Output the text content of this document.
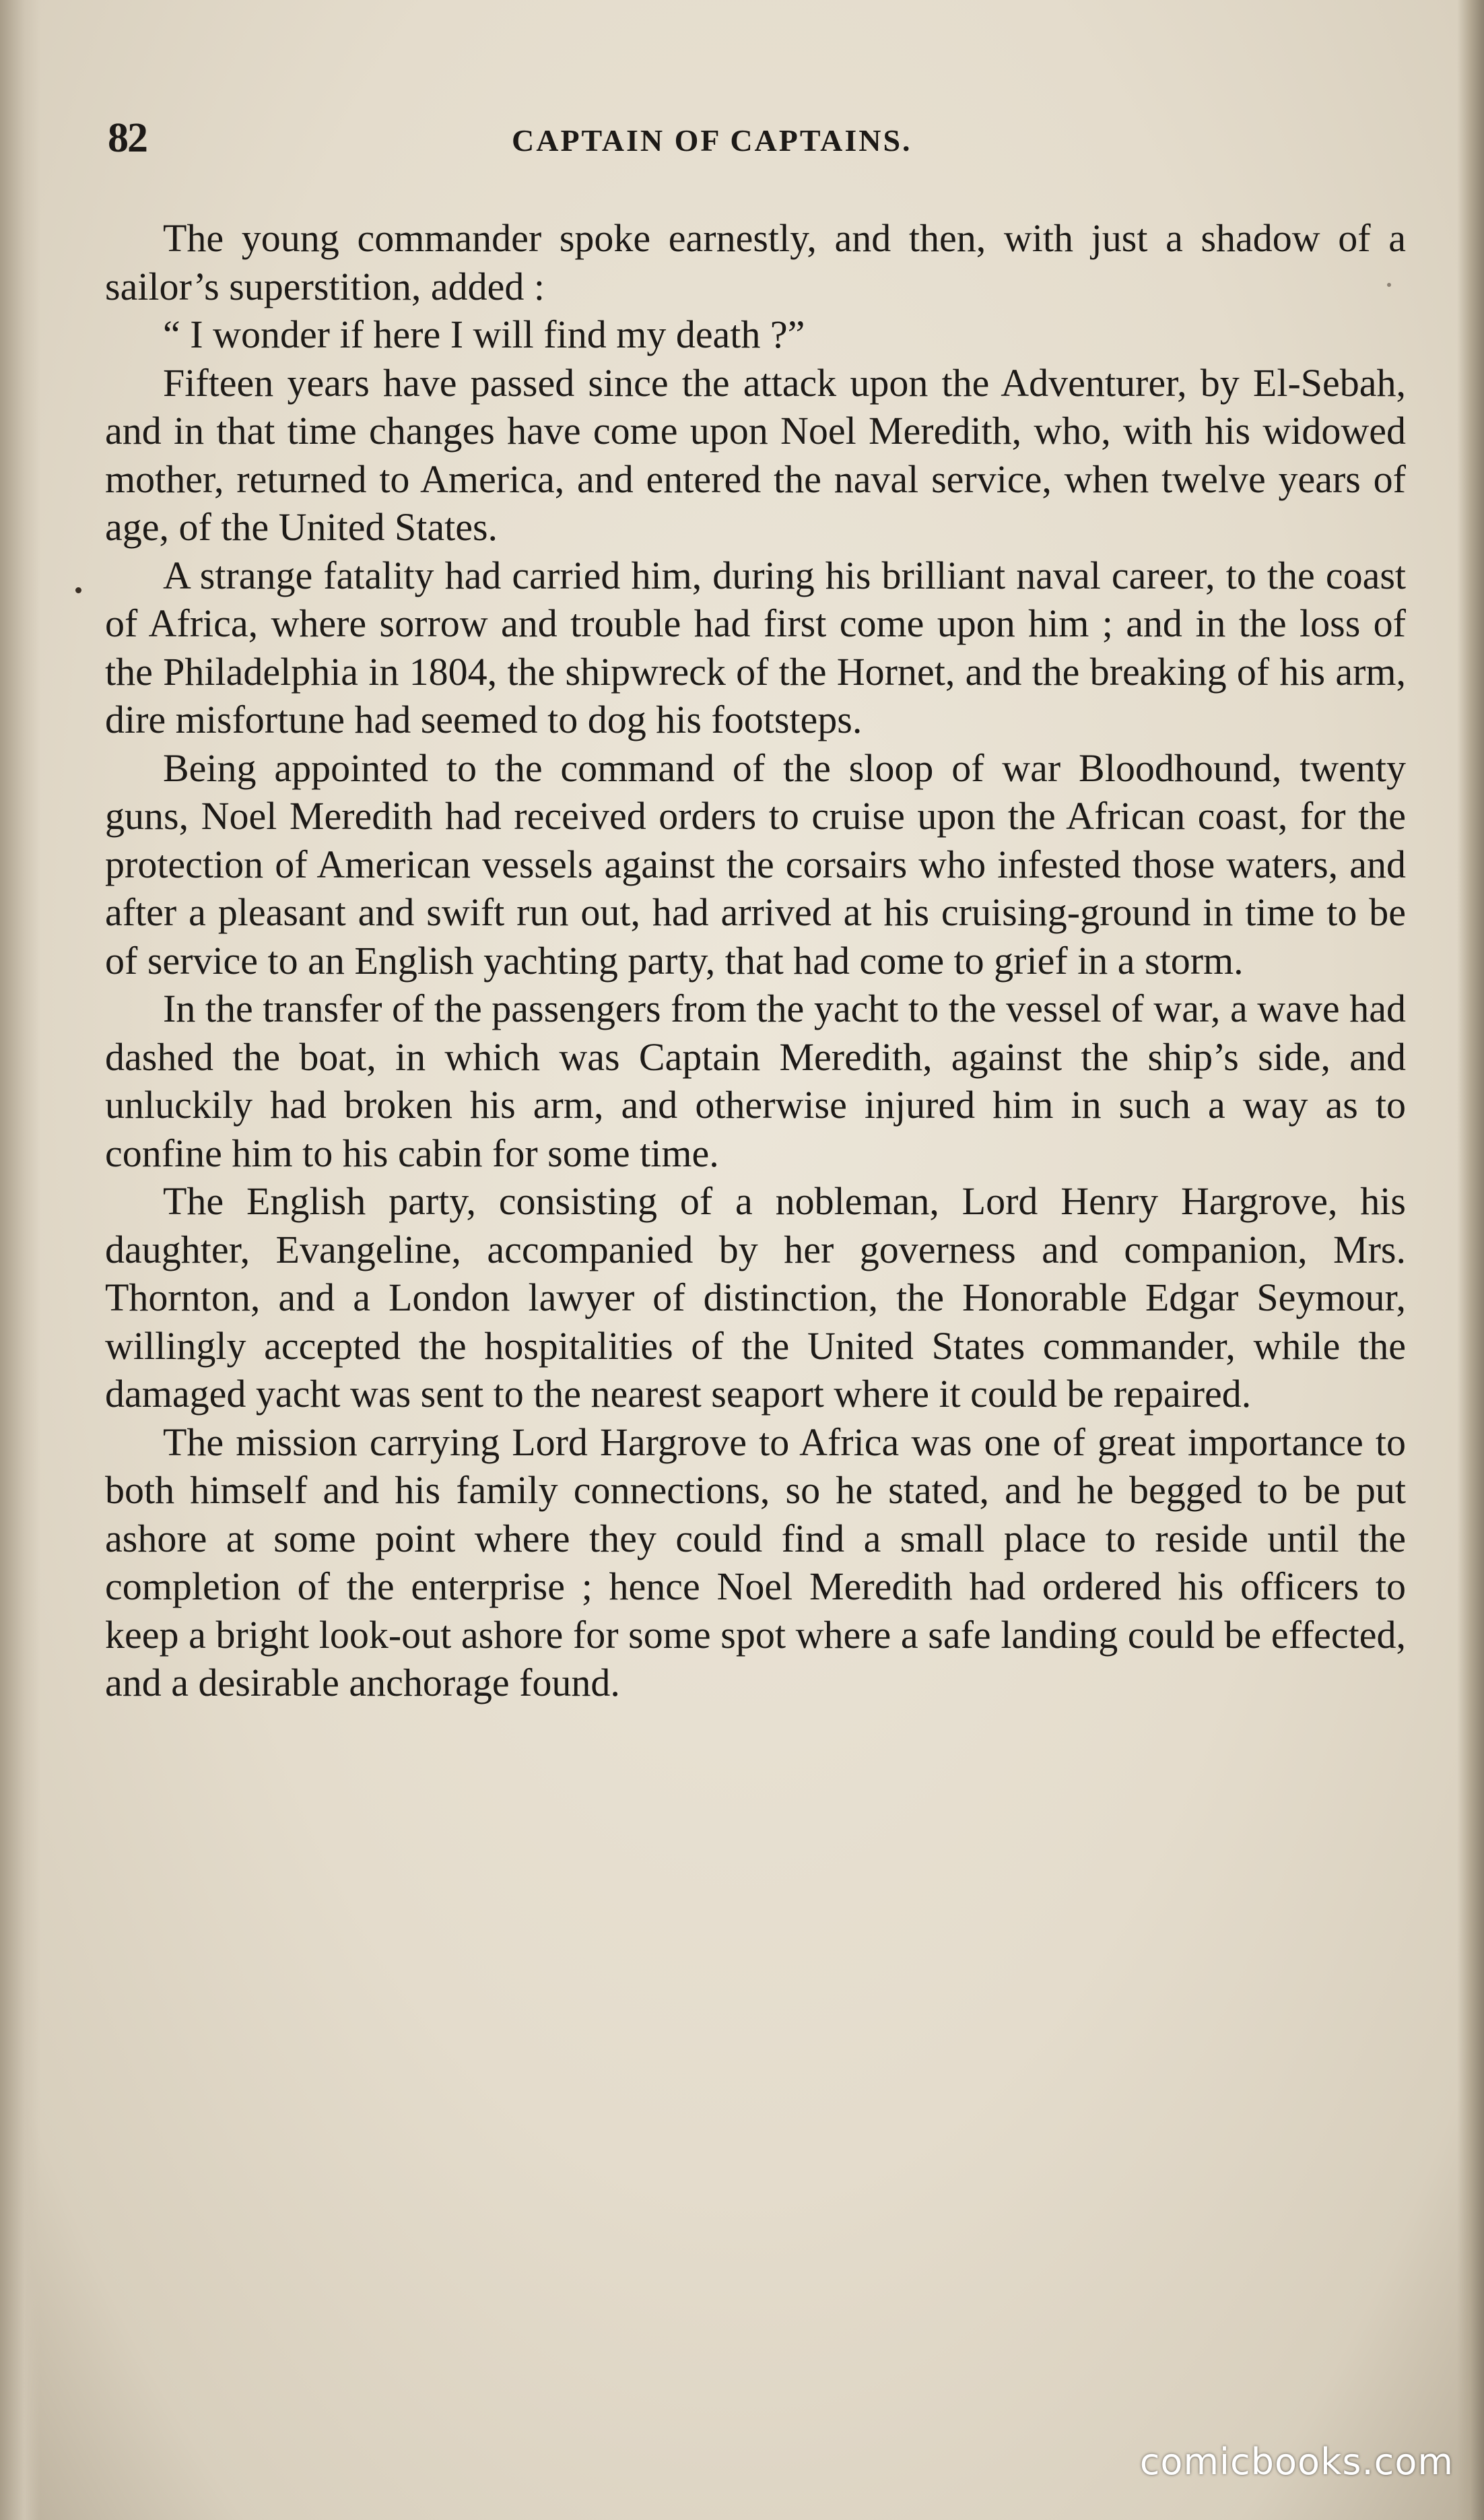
82	CAPTAIN OF CAPTAINS.

The young commander spoke earnestly, and then, with just a shadow of a sailor’s superstition, added :

“ I wonder if here I will find my death ?”

Fifteen years have passed since the attack upon the Adventurer, by El-Sebah, and in that time changes have come upon Noel Meredith, who, with his widowed mother, returned to America, and entered the naval service, when twelve years of age, of the United States.

A strange fatality had carried him, during his brilliant naval career, to the coast of Africa, where sorrow and trouble had first come upon him ; and in the loss of the Philadelphia in 1804, the shipwreck of the Hornet, and the breaking of his arm, dire misfortune had seemed to dog his footsteps.

Being appointed to the command of the sloop of war Bloodhound, twenty guns, Noel Meredith had received orders to cruise upon the African coast, for the protection of American vessels against the corsairs who infested those waters, and after a pleasant and swift run out, had arrived at his cruising-ground in time to be of service to an English yachting party, that had come to grief in a storm.

In the transfer of the passengers from the yacht to the vessel of war, a wave had dashed the boat, in which was Captain Meredith, against the ship’s side, and unluckily had broken his arm, and otherwise injured him in such a way as to confine him to his cabin for some time.

The English party, consisting of a nobleman, Lord Henry Hargrove, his daughter, Evangeline, accompanied by her governess and companion, Mrs. Thornton, and a London lawyer of distinction, the Honorable Edgar Seymour, willingly accepted the hospitalities of the United States commander, while the damaged yacht was sent to the nearest seaport where it could be repaired.

The mission carrying Lord Hargrove to Africa was one of great importance to both himself and his family connections, so he stated, and he begged to be put ashore at some point where they could find a small place to reside until the completion of the enterprise ; hence Noel Meredith had ordered his officers to keep a bright look-out ashore for some spot where a safe landing could be effected, and a desirable anchorage found.

comicbooks.com
